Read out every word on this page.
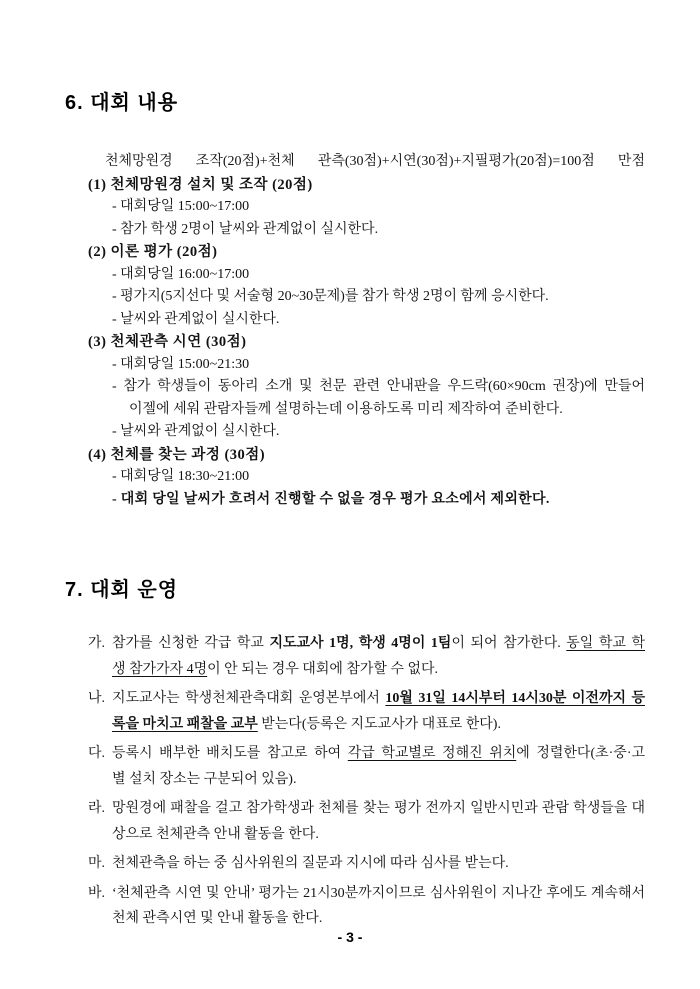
6. 대회 내용
천체망원경 조작(20점)+천체 관측(30점)+시연(30점)+지필평가(20점)=100점 만점
(1) 천체망원경 설치 및 조작 (20점)
- 대회당일 15:00~17:00
- 참가 학생 2명이 날씨와 관계없이 실시한다.
(2) 이론 평가 (20점)
- 대회당일 16:00~17:00
- 평가지(5지선다 및 서술형 20~30문제)를 참가 학생 2명이 함께 응시한다.
- 날씨와 관계없이 실시한다.
(3) 천체관측 시연 (30점)
- 대회당일 15:00~21:30
- 참가 학생들이 동아리 소개 및 천문 관련 안내판을 우드락(60×90cm 권장)에 만들어
이젤에 세워 관람자들께 설명하는데 이용하도록 미리 제작하여 준비한다.
- 날씨와 관계없이 실시한다.
(4) 천체를 찾는 과정 (30점)
- 대회당일 18:30~21:00
- 대회 당일 날씨가 흐려서 진행할 수 없을 경우 평가 요소에서 제외한다.
7. 대회 운영
가. 참가를 신청한 각급 학교 지도교사 1명, 학생 4명이 1팀이 되어 참가한다. 동일 학교 학
생 참가가자 4명이 안 되는 경우 대회에 참가할 수 없다.
나. 지도교사는 학생천체관측대회 운영본부에서 10월 31일 14시부터 14시30분 이전까지 등
록을 마치고 패찰을 교부 받는다(등록은 지도교사가 대표로 한다).
다. 등록시 배부한 배치도를 참고로 하여 각급 학교별로 정해진 위치에 정렬한다(초·중·고
별 설치 장소는 구분되어 있음).
라. 망원경에 패찰을 걸고 참가학생과 천체를 찾는 평가 전까지 일반시민과 관람 학생들을 대
상으로 천체관측 안내 활동을 한다.
마. 천체관측을 하는 중 심사위원의 질문과 지시에 따라 심사를 받는다.
바. ‘천체관측 시연 및 안내’ 평가는 21시30분까지이므로 심사위원이 지나간 후에도 계속해서
천체 관측시연 및 안내 활동을 한다.
- 3 -
